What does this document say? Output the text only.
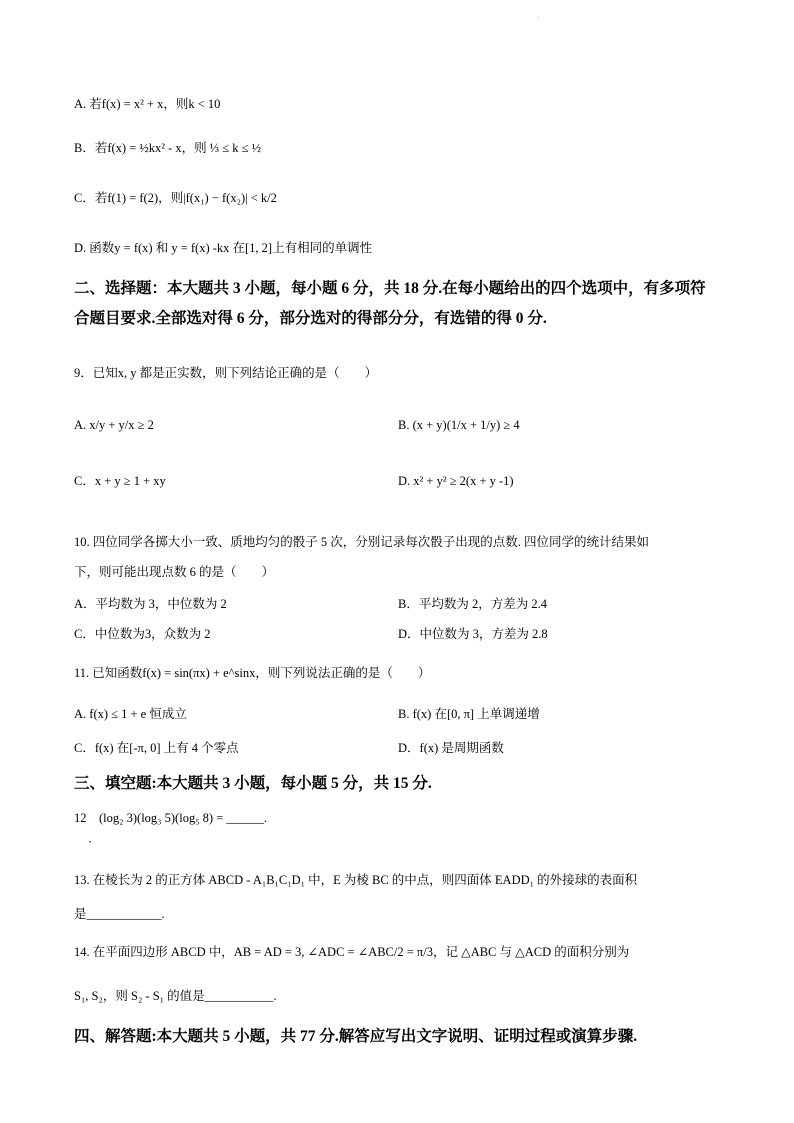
·
A. 若f(x) = x² + x，则k < 10
B．若f(x) = ½kx² - x，则 ⅓ ≤ k ≤ ½
C．若f(1) = f(2)，则|f(x₁) − f(x₂)| < k/2
D. 函数y = f(x) 和 y = f(x) -kx 在[1, 2]上有相同的单调性
二、选择题：本大题共 3 小题，每小题 6 分，共 18 分.在每小题给出的四个选项中，有多项符
合题目要求.全部选对得 6 分，部分选对的得部分分，有选错的得 0 分.
9．已知x, y 都是正实数，则下列结论正确的是（　　）
A. x/y + y/x ≥ 2	B. (x + y)(1/x + 1/y) ≥ 4
C．x + y ≥ 1 + xy	D. x² + y² ≥ 2(x + y -1)
10. 四位同学各掷大小一致、质地均匀的骰子 5 次，分别记录每次骰子出现的点数. 四位同学的统计结果如
下，则可能出现点数 6 的是（　　）
A．平均数为 3，中位数为 2	B．平均数为 2，方差为 2.4
C．中位数为3，众数为 2	D．中位数为 3，方差为 2.8
11. 已知函数f(x) = sin(πx) + e^sinx，则下列说法正确的是（　　）
A. f(x) ≤ 1 + e 恒成立	B. f(x) 在[0, π] 上单调递增
C．f(x) 在[-π, 0] 上有 4 个零点	D．f(x) 是周期函数
三、填空题:本大题共 3 小题，每小题 5 分，共 15 分.
12　(log₂ 3)(log₃ 5)(log₅ 8) = ______.
·
13. 在棱长为 2 的正方体 ABCD - A₁B₁C₁D₁ 中，E 为棱 BC 的中点，则四面体 EADD₁ 的外接球的表面积
是____________.
14. 在平面四边形 ABCD 中，AB = AD = 3, ∠ADC = ∠ABC/2 = π/3，记 △ABC 与 △ACD 的面积分别为
S₁, S₂，则 S₂ - S₁ 的值是___________.
四、解答题:本大题共 5 小题，共 77 分.解答应写出文字说明、证明过程或演算步骤.
